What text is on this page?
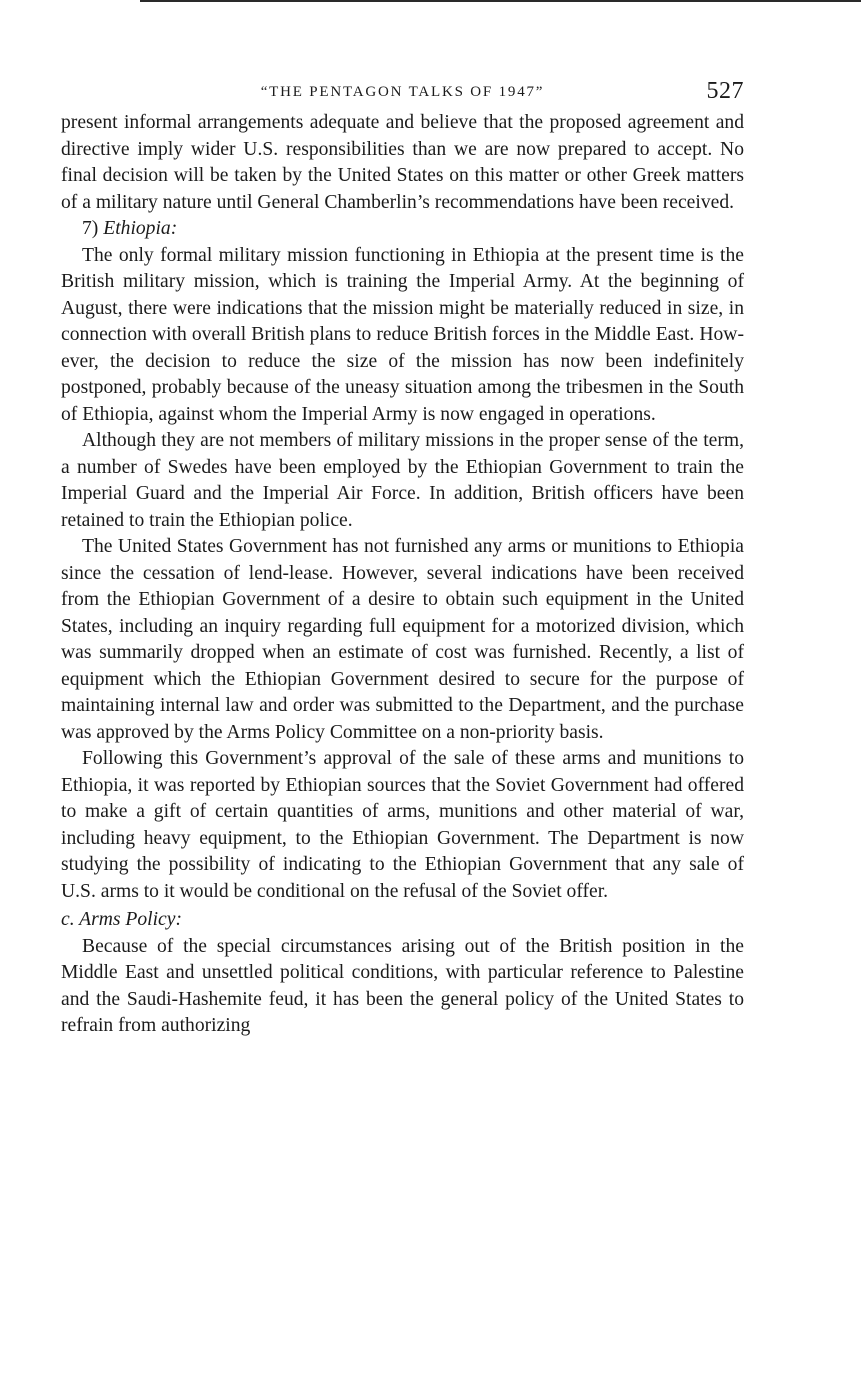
“THE PENTAGON TALKS OF 1947”	527

present informal arrangements adequate and believe that the proposed agreement and directive imply wider U.S. responsibilities than we are now prepared to accept. No final decision will be taken by the United States on this matter or other Greek matters of a military nature until General Chamberlin’s recommendations have been received.

7) Ethiopia:

The only formal military mission functioning in Ethiopia at the present time is the British military mission, which is training the Imperial Army. At the beginning of August, there were indications that the mission might be materially reduced in size, in connection with overall British plans to reduce British forces in the Middle East. However, the decision to reduce the size of the mission has now been indefinitely postponed, probably because of the uneasy situation among the tribesmen in the South of Ethiopia, against whom the Imperial Army is now engaged in operations.

Although they are not members of military missions in the proper sense of the term, a number of Swedes have been employed by the Ethiopian Government to train the Imperial Guard and the Imperial Air Force. In addition, British officers have been retained to train the Ethiopian police.

The United States Government has not furnished any arms or munitions to Ethiopia since the cessation of lend-lease. However, several indications have been received from the Ethiopian Government of a desire to obtain such equipment in the United States, including an inquiry regarding full equipment for a motorized division, which was summarily dropped when an estimate of cost was furnished. Recently, a list of equipment which the Ethiopian Government desired to secure for the purpose of maintaining internal law and order was submitted to the Department, and the purchase was approved by the Arms Policy Committee on a non-priority basis.

Following this Government’s approval of the sale of these arms and munitions to Ethiopia, it was reported by Ethiopian sources that the Soviet Government had offered to make a gift of certain quantities of arms, munitions and other material of war, including heavy equipment, to the Ethiopian Government. The Department is now studying the possibility of indicating to the Ethiopian Government that any sale of U.S. arms to it would be conditional on the refusal of the Soviet offer.

c. Arms Policy:

Because of the special circumstances arising out of the British position in the Middle East and unsettled political conditions, with particular reference to Palestine and the Saudi-Hashemite feud, it has been the general policy of the United States to refrain from authorizing
